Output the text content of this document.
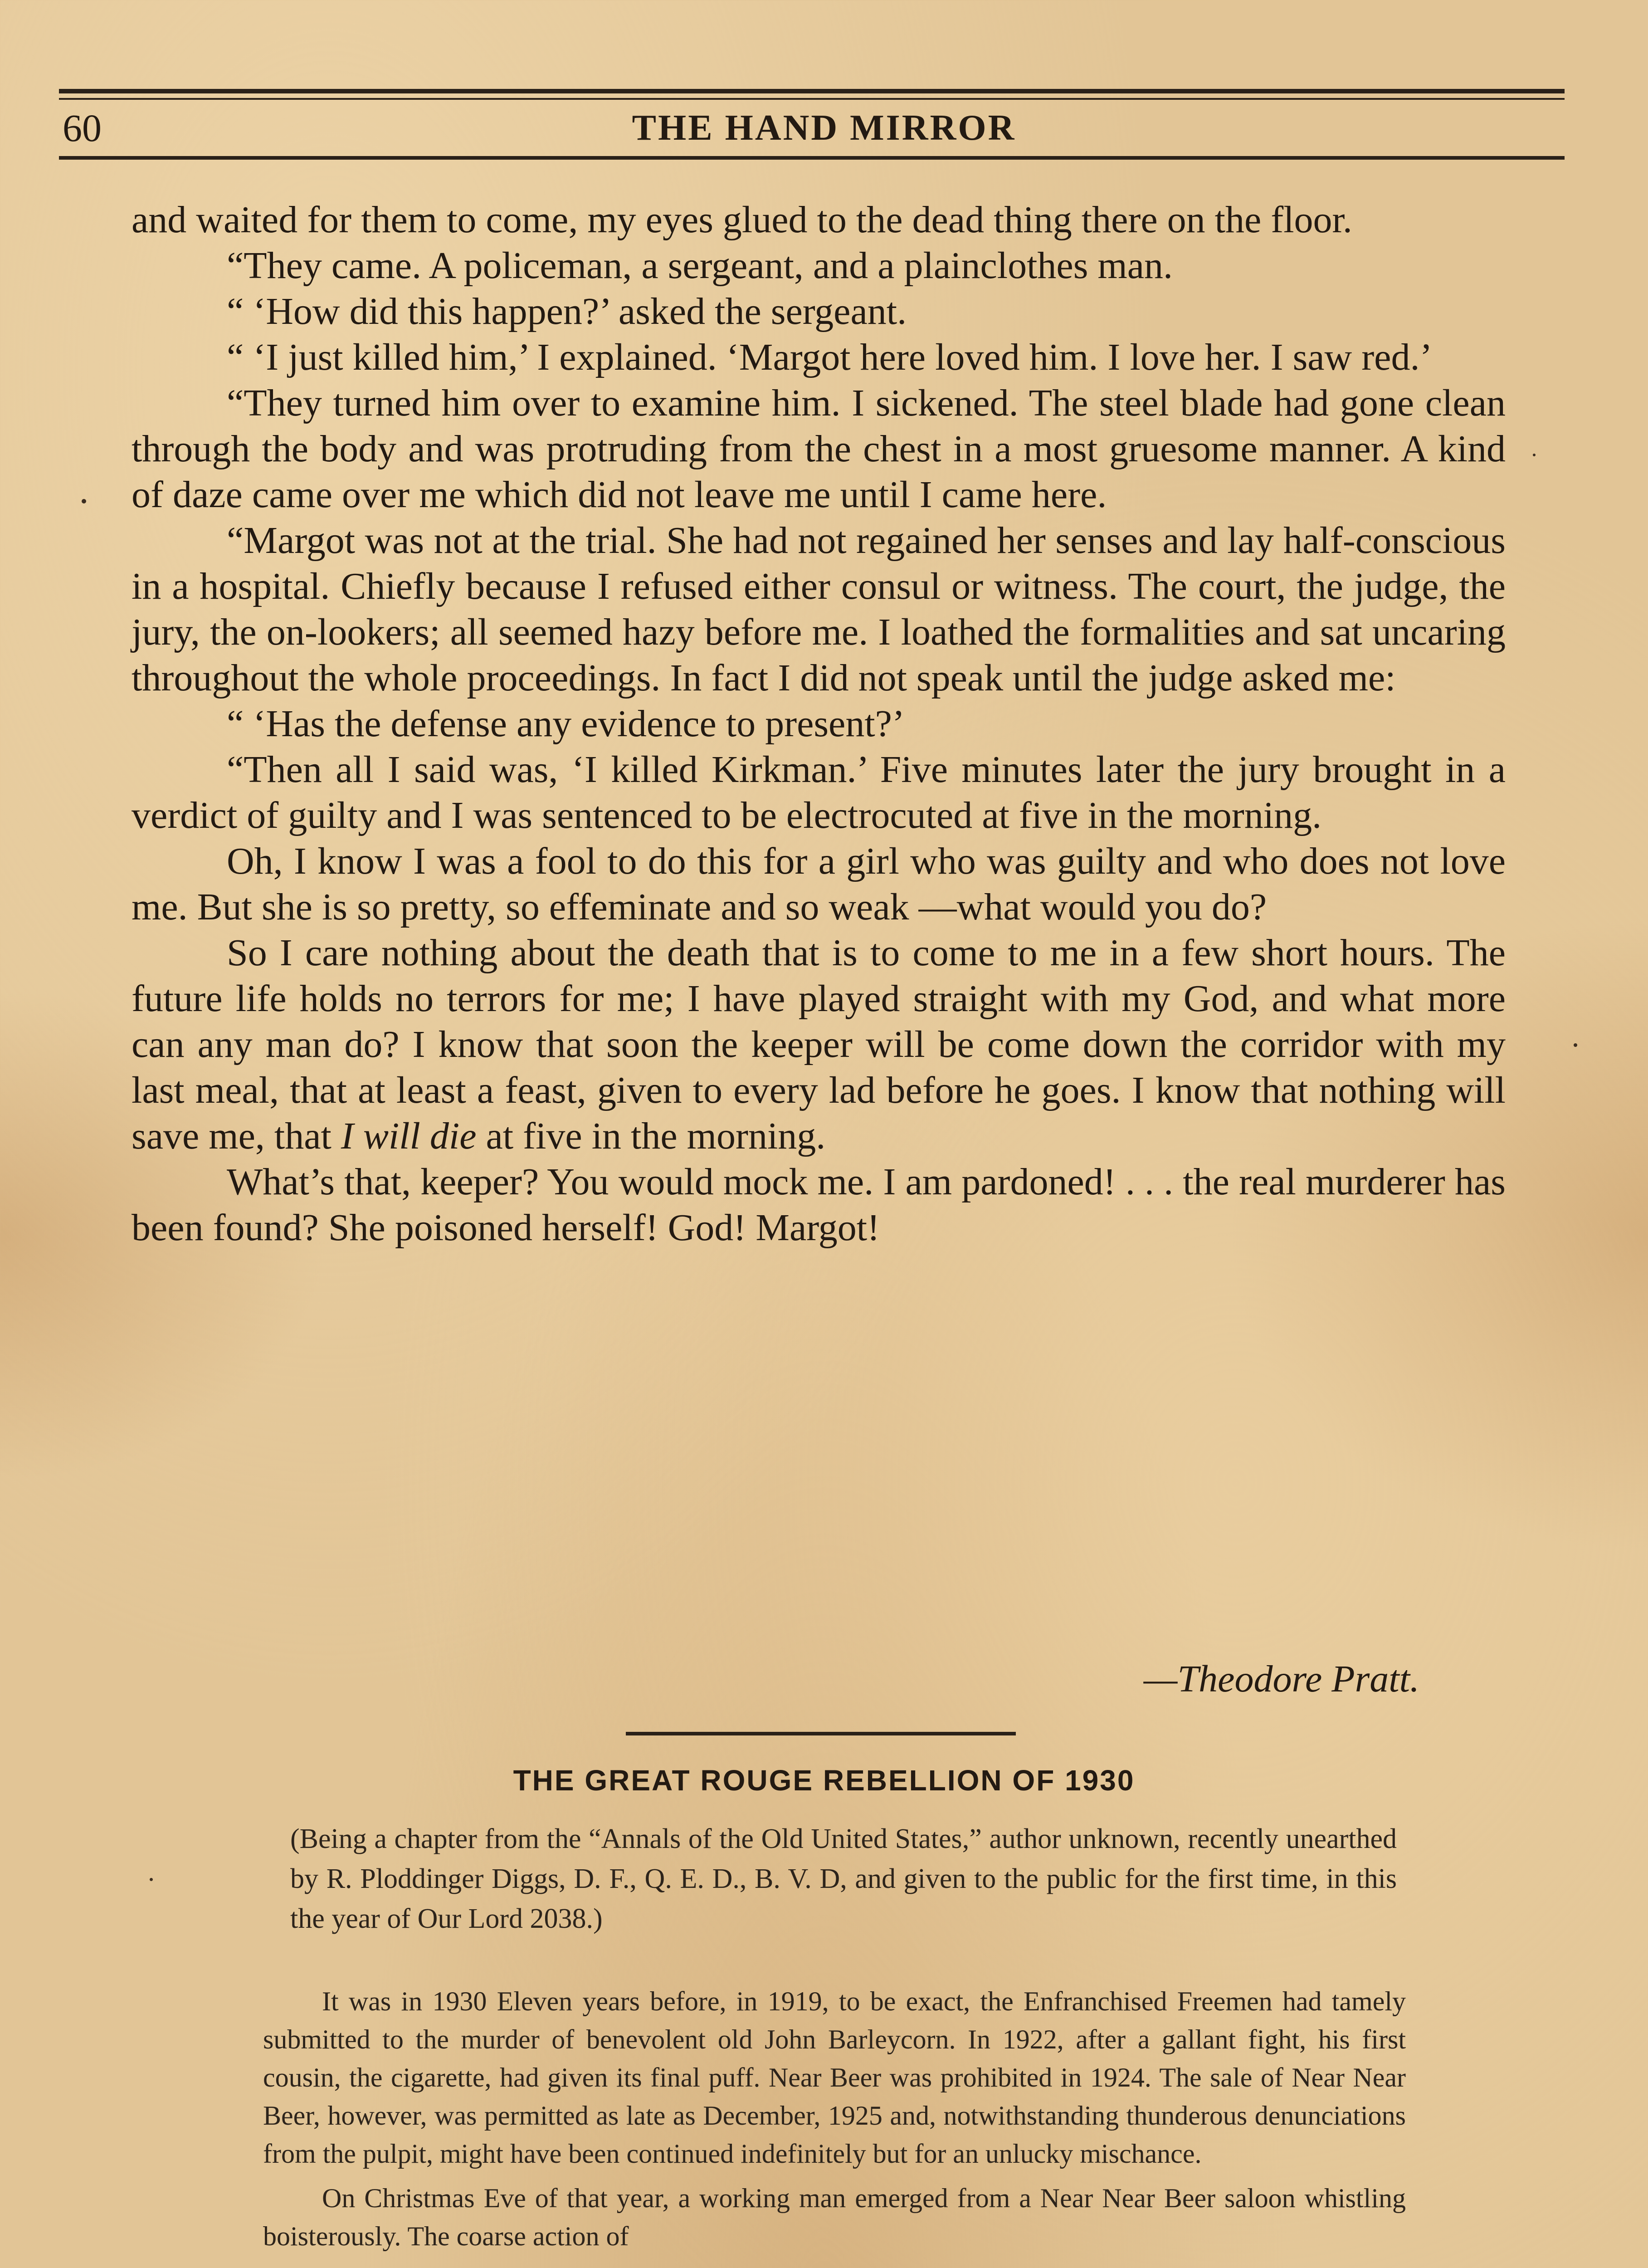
60	THE HAND MIRROR

and waited for them to come, my eyes glued to the dead thing there on the floor.

“They came. A policeman, a sergeant, and a plainclothes man.

“ ‘How did this happen?’ asked the sergeant.

“ ‘I just killed him,’ I explained. ‘Margot here loved him. I love her. I saw red.’

“They turned him over to examine him. I sickened. The steel blade had gone clean through the body and was protruding from the chest in a most gruesome manner. A kind of daze came over me which did not leave me until I came here.

“Margot was not at the trial. She had not regained her senses and lay half-conscious in a hospital. Chiefly because I refused either consul or witness. The court, the judge, the jury, the on-lookers; all seemed hazy before me. I loathed the formalities and sat uncaring throughout the whole proceedings. In fact I did not speak until the judge asked me:

“ ‘Has the defense any evidence to present?’

“Then all I said was, ‘I killed Kirkman.’ Five minutes later the jury brought in a verdict of guilty and I was sentenced to be electrocuted at five in the morning.

Oh, I know I was a fool to do this for a girl who was guilty and who does not love me. But she is so pretty, so effeminate and so weak —what would you do?

So I care nothing about the death that is to come to me in a few short hours. The future life holds no terrors for me; I have played straight with my God, and what more can any man do? I know that soon the keeper will be come down the corridor with my last meal, that at least a feast, given to every lad before he goes. I know that nothing will save me, that I will die at five in the morning.

What’s that, keeper? You would mock me. I am pardoned! . . . the real murderer has been found? She poisoned herself! God! Margot!

—Theodore Pratt.
THE GREAT ROUGE REBELLION OF 1930
(Being a chapter from the “Annals of the Old United States,” author unknown, recently unearthed by R. Ploddinger Diggs, D. F., Q. E. D., B. V. D, and given to the public for the first time, in this the year of Our Lord 2038.)

It was in 1930 Eleven years before, in 1919, to be exact, the Enfranchised Freemen had tamely submitted to the murder of benevolent old John Barleycorn. In 1922, after a gallant fight, his first cousin, the cigarette, had given its final puff. Near Beer was prohibited in 1924. The sale of Near Near Beer, however, was permitted as late as December, 1925 and, notwithstanding thunderous denunciations from the pulpit, might have been continued indefinitely but for an unlucky mischance.

On Christmas Eve of that year, a working man emerged from a Near Near Beer saloon whistling boisterously. The coarse action of
